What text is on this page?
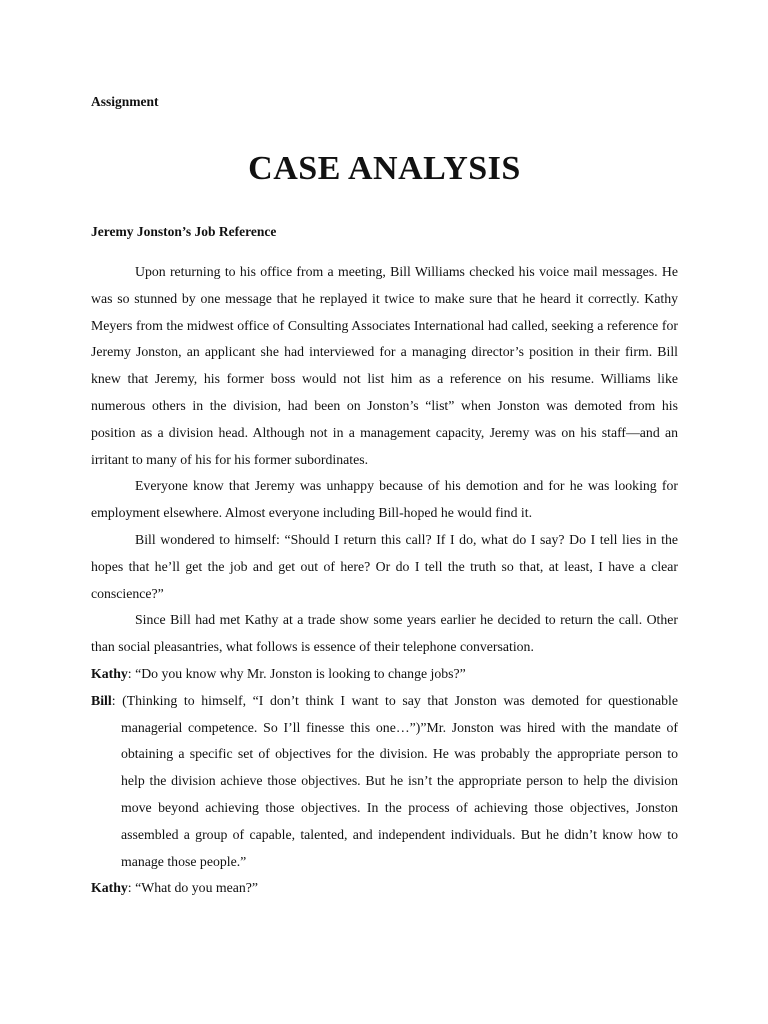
Assignment
CASE ANALYSIS
Jeremy Jonston’s Job Reference

Upon returning to his office from a meeting, Bill Williams checked his voice mail messages. He was so stunned by one message that he replayed it twice to make sure that he heard it correctly. Kathy Meyers from the midwest office of Consulting Associates International had called, seeking a reference for Jeremy Jonston, an applicant she had interviewed for a managing director’s position in their firm. Bill knew that Jeremy, his former boss would not list him as a reference on his resume. Williams like numerous others in the division, had been on Jonston’s “list” when Jonston was demoted from his position as a division head. Although not in a management capacity, Jeremy was on his staff—and an irritant to many of his for his former subordinates.

Everyone know that Jeremy was unhappy because of his demotion and for he was looking for employment elsewhere. Almost everyone including Bill-hoped he would find it.

Bill wondered to himself: “Should I return this call? If I do, what do I say? Do I tell lies in the hopes that he’ll get the job and get out of here? Or do I tell the truth so that, at least, I have a clear conscience?”

Since Bill had met Kathy at a trade show some years earlier he decided to return the call. Other than social pleasantries, what follows is essence of their telephone conversation.

Kathy: “Do you know why Mr. Jonston is looking to change jobs?”

Bill: (Thinking to himself, “I don’t think I want to say that Jonston was demoted for questionable managerial competence. So I’ll finesse this one…”)”Mr. Jonston was hired with the mandate of obtaining a specific set of objectives for the division. He was probably the appropriate person to help the division achieve those objectives. But he isn’t the appropriate person to help the division move beyond achieving those objectives. In the process of achieving those objectives, Jonston assembled a group of capable, talented, and independent individuals. But he didn’t know how to manage those people.”

Kathy: “What do you mean?”
